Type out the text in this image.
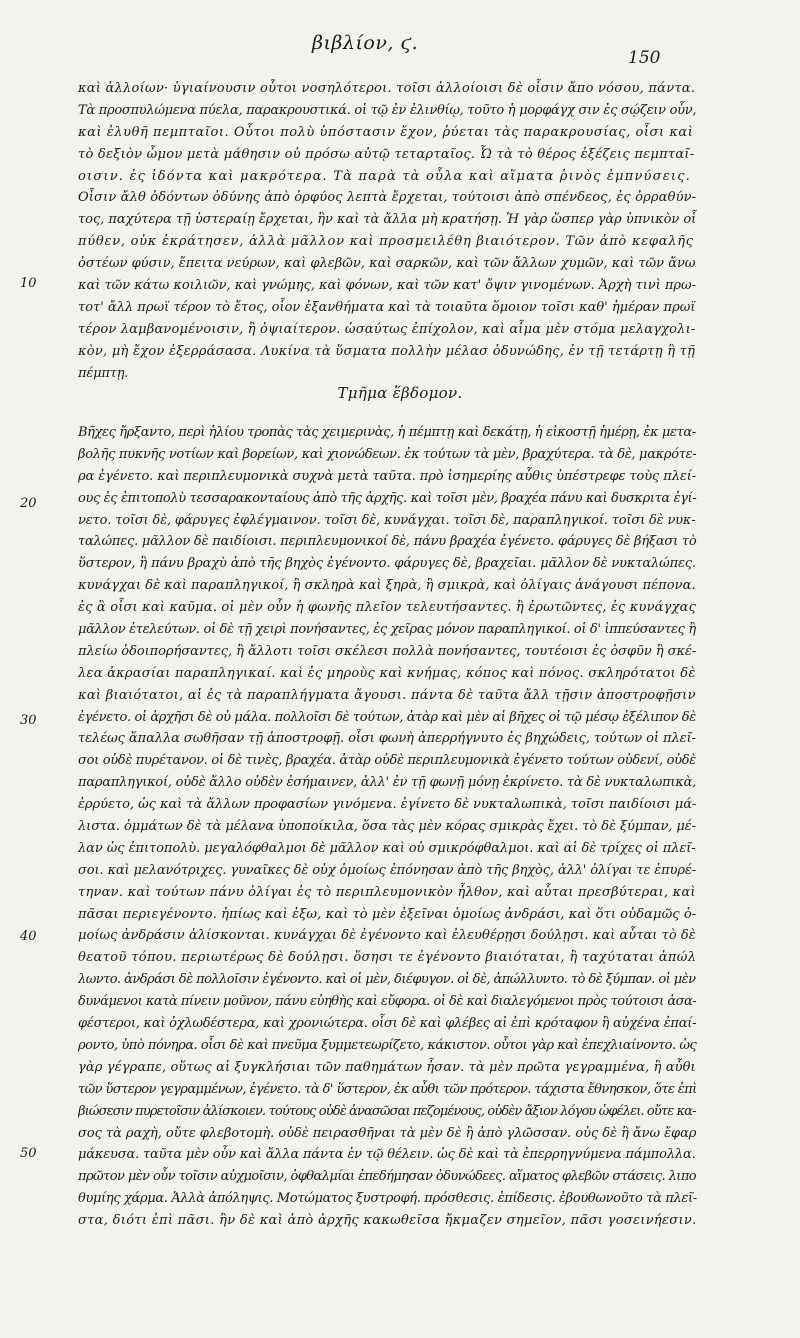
βιβλίον, ϛ.
150
καὶ ἀλλοίων· ὑγιαίνουσιν οὗτοι νοσηλότεροι. τοῖσι ἀλλοίοισι δὲ οἷσιν ἄπο νόσου, πάντα.
Τὰ προσπυλώμενα πύελα, παρακρουστικά. οἱ τῷ ἐν ἐλινθίῳ, τοῦτο ἡ μορφάγχ σιν ἐς σῴζειν οὖν,
καὶ ἐλυθῆ πεμπταῖοι. Οὗτοι πολὺ ὑπόστασιν ἔχον, ῥύεται τὰς παρακρουσίας, οἷσι καὶ
τὸ δεξιὸν ὦμον μετὰ μάθησιν οὐ πρόσω αὐτῷ τεταρταῖος. Ὦ τὰ τὸ θέρος ἐξέζεις πεμπταῖ-
οισιν. ἐς ἰδόντα καὶ μακρότερα. Τὰ παρὰ τὰ οὖλα καὶ αἵματα ῥινὸς ἐμπνύσεις.
Οἷσιν ἄλθ ὀδόντων ὀδύνης ἀπὸ ὀρφύος λεπτὰ ἔρχεται, τούτοισι ἀπὸ σπένδεος, ἐς ὀρραθύν-
τος, παχύτερα τῇ ὑστεραίῃ ἔρχεται, ἣν καὶ τὰ ἄλλα μὴ κρατήσῃ. Ἡ γὰρ ὥσπερ γὰρ ὑπνικὸν οἷ
πύθεν, οὐκ ἐκράτησεν, ἀλλὰ μᾶλλον καὶ προσμειλέθη βιαιότερον. Τῶν ἀπὸ κεφαλῆς
ὀστέων φύσιν, ἔπειτα νεύρων, καὶ φλεβῶν, καὶ σαρκῶν, καὶ τῶν ἄλλων χυμῶν, καὶ τῶν ἄνω
καὶ τῶν κάτω κοιλιῶν, καὶ γνώμης, καὶ φόνων, καὶ τῶν κατ' ὄψιν γινομένων. Ἀρχὴ τινὶ πρω-
τοτ' ἄλλ πρωϊ τέρον τὸ ἔτος, οἷον ἐξανθήματα καὶ τὰ τοιαῦτα ὅμοιον τοῖσι καθ' ἡμέραν πρωϊ
τέρον λαμβανομένοισιν, ἢ ὀψιαίτερον. ὡσαύτως ἐπίχολον, καὶ αἷμα μὲν στόμα μελαγχολι-
κὸν, μὴ ἔχον ἐξερράσασα. Λυκίνα τὰ ὕσματα πολλὴν μέλασ ὀδυνώδης, ἐν τῇ τετάρτῃ ἢ τῇ
πέμπτῃ.
Τμῆμα ἕβδομον.
Βῆχες ἤρξαντο, περὶ ἡλίου τροπὰς τὰς χειμερινὰς, ἡ πέμπτῃ καὶ δεκάτῃ, ἡ εἰκοστῇ ἡμέρῃ, ἐκ μετα-
βολῆς πυκνῆς νοτίων καὶ βορείων, καὶ χιονώδεων. ἐκ τούτων τὰ μὲν, βραχύτερα. τὰ δὲ, μακρότε-
ρα ἐγένετο. καὶ περιπλευμονικὰ συχνὰ μετὰ ταῦτα. πρὸ ἰσημερίης αὖθις ὑπέστρεφε τοὺς πλεί-
ους ἐς ἐπιτοπολὺ τεσσαρακονταίους ἀπὸ τῆς ἀρχῆς. καὶ τοῖσι μὲν, βραχέα πάνυ καὶ δυσκριτα ἐγί-
νετο. τοῖσι δὲ, φάρυγες ἐφλέγμαινον. τοῖσι δὲ, κυνάγχαι. τοῖσι δὲ, παραπληγικοί. τοῖσι δὲ νυκ-
ταλώπες. μᾶλλον δὲ παιδίοισι. περιπλευμονικοί δὲ, πάνυ βραχέα ἐγένετο. φάρυγες δὲ βήξασι τὸ
ὕστερον, ἢ πάνυ βραχὺ ἀπὸ τῆς βηχὸς ἐγένοντο. φάρυγες δὲ, βραχεῖαι. μᾶλλον δὲ νυκταλώπες.
κυνάγχαι δὲ καὶ παραπληγικοί, ἢ σκληρὰ καὶ ξηρὰ, ἢ σμικρὰ, καὶ ὀλίγαις ἀνάγουσι πέπονα.
ἐς ἃ οἷσι καὶ καῦμα. οἱ μὲν οὖν ἡ φωνῆς πλεῖον τελευτήσαντες. ἢ ἐρωτῶντες, ἐς κυνάγχας
μᾶλλον ἐτελεύτων. οἱ δὲ τῇ χειρὶ πονήσαντες, ἐς χεῖρας μόνον παραπληγικοί. οἱ δ' ἱππεύσαντες ἢ
πλείω ὁδοιπορήσαντες, ἢ ἄλλοτι τοῖσι σκέλεσι πολλὰ πονήσαντες, τουτέοισι ἐς ὀσφῦν ἢ σκέ-
λεα ἀκρασίαι παραπληγικαί. καὶ ἐς μηροὺς καὶ κνήμας, κόπος καὶ πόνος. σκληρότατοι δὲ
καὶ βιαιότατοι, αἱ ἐς τὰ παραπλήγματα ἄγουσι. πάντα δὲ ταῦτα ἄλλ τῇσιν ἀποστροφῇσιν
ἐγένετο. οἱ ἀρχῆσι δὲ οὐ μάλα. πολλοῖσι δὲ τούτων, ἀτὰρ καὶ μὲν αἱ βῆχες οἱ τῷ μέσῳ ἐξέλιπον δὲ
τελέως ἅπαλλα σωθῆσαν τῇ ἀποστροφῇ. οἷσι φωνὴ ἀπερρήγνυτο ἐς βηχώδεις, τούτων οἱ πλεῖ-
σοι οὐδὲ πυρέτανον. οἱ δὲ τινὲς, βραχέα. ἀτὰρ οὐδὲ περιπλευμονικὰ ἐγένετο τούτων οὐδενί, οὐδὲ
παραπληγικοί, οὐδὲ ἄλλο οὐδὲν ἐσήμαινεν, ἀλλ' ἐν τῇ φωνῇ μόνῃ ἐκρίνετο. τὰ δὲ νυκταλωπικὰ,
ἐρρύετο, ὡς καὶ τὰ ἄλλων προφασίων γινόμενα. ἐγίνετο δὲ νυκταλωπικὰ, τοῖσι παιδίοισι μά-
λιστα. ὀμμάτων δὲ τὰ μέλανα ὑποποίκιλα, ὅσα τὰς μὲν κόρας σμικρὰς ἔχει. τὸ δὲ ξύμπαν, μέ-
λαν ὡς ἐπιτοπολὺ. μεγαλόφθαλμοι δὲ μᾶλλον καὶ οὐ σμικρόφθαλμοι. καὶ αἱ δὲ τρίχες οἱ πλεῖ-
σοι. καὶ μελανότριχες. γυναῖκες δὲ οὐχ ὁμοίως ἐπόνησαν ἀπὸ τῆς βηχὸς, ἀλλ' ὀλίγαι τε ἐπυρέ-
τηναν. καὶ τούτων πάνυ ὀλίγαι ἐς τὸ περιπλευμονικὸν ἦλθον, καὶ αὗται πρεσβύτεραι, καὶ
πᾶσαι περιεγένοντο. ἠπίως καὶ ἐξω, καὶ τὸ μὲν ἐξεῖναι ὁμοίως ἀνδράσι, καὶ ὅτι οὐδαμῶς ὁ-
μοίως ἀνδράσιν ἁλίσκονται. κυνάγχαι δὲ ἐγένοντο καὶ ἐλευθέρῃσι δούλῃσι. καὶ αὗται τὸ δὲ
θεατοῦ τόπου. περιωτέρως δὲ δούλῃσι. ὅσησι τε ἐγένοντο βιαιόταται, ἢ ταχύταται ἀπώλ
λωντο. ἀνδράσι δὲ πολλοῖσιν ἐγένοντο. καὶ οἱ μὲν, διέφυγον. οἱ δὲ, ἀπώλλυντο. τὸ δὲ ξύμπαν. οἱ μὲν
δυνάμενοι κατὰ πίνειν μοῦνον, πάνυ εὐηθὴς καὶ εὔφορα. οἱ δὲ καὶ διαλεγόμενοι πρὸς τούτοισι ἀσα-
φέστεροι, καὶ ὀχλωδέστερα, καὶ χρονιώτερα. οἷσι δὲ καὶ φλέβες αἱ ἐπὶ κρόταφον ἢ αὐχένα ἐπαί-
ροντο, ὑπὸ πόνηρα. οἷσι δὲ καὶ πνεῦμα ξυμμετεωρίζετο, κάκιστον. οὗτοι γὰρ καὶ ἐπεχλιαίνοντο. ὡς
γὰρ γέγραπε, οὕτως αἱ ξυγκλήσιαι τῶν παθημάτων ἦσαν. τὰ μὲν πρῶτα γεγραμμένα, ἢ αὖθι
τῶν ὕστερον γεγραμμένων, ἐγένετο. τὰ δ' ὕστερον, ἐκ αὖθι τῶν πρότερον. τάχιστα ἔθνησκον, ὅτε ἐπὶ
βιώσεσιν πυρετοῖσιν ἁλίσκοιεν. τούτους οὐδὲ ἀνασῶσαι πεζομένους, οὐδὲν ἄξιον λόγου ὠφέλει. οὔτε κα-
σος τὰ ραχὴ, οὔτε φλεβοτομὴ. οὐδὲ πειρασθῆναι τὰ μὲν δὲ ἢ ἀπὸ γλῶσσαν. οὐς δὲ ἢ ἄνω ἔφαρ
μάκευσα. ταῦτα μὲν οὖν καὶ ἄλλα πάντα ἐν τῷ θέλειν. ὡς δὲ καὶ τὰ ἐπερρηγνύμενα πάμπολλα.
πρῶτον μὲν οὖν τοῖσιν αὐχμοῖσιν, ὀφθαλμίαι ἐπεδήμησαν ὀδυνώδεες. αἵματος φλεβῶν στάσεις. λιπο
θυμίης χάρμα. Ἀλλὰ ἀπόληψις. Μοτώματος ξυστροφή. πρόσθεσις. ἐπίδεσις. ἐβουθωνοῦτο τὰ πλεῖ-
στα, διότι ἐπὶ πᾶσι. ἢν δὲ καὶ ἀπὸ ἀρχῆς κακωθεῖσα ἤκμαζεν σημεῖον, πᾶσι γοσεινήεσιν.
10
20
30
40
50
